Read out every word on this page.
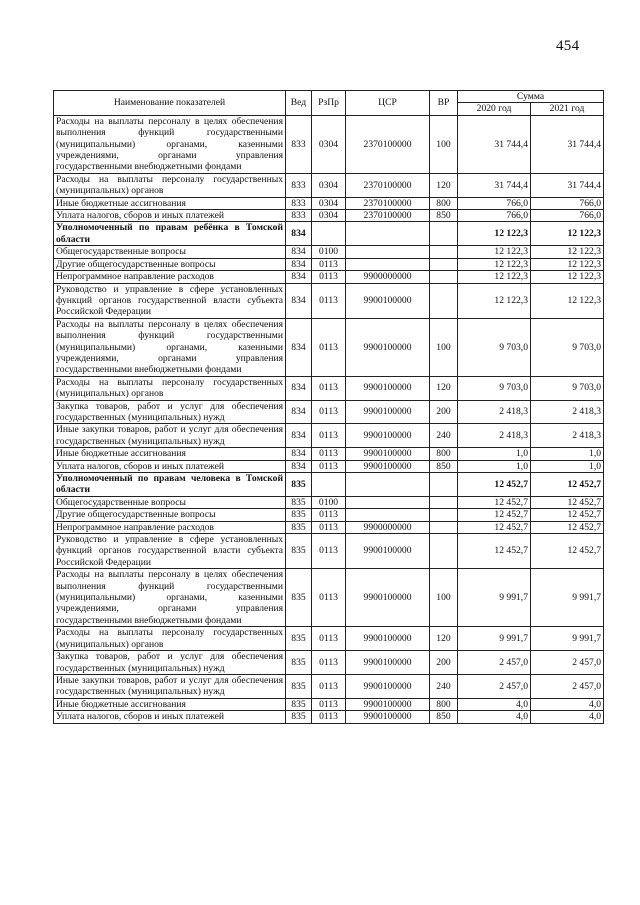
454
Наименование показателей	Вед	РзПр	ЦСР	ВР	Сумма	
					2020 год	2021 год
Расходы на выплаты персоналу в целях обеспечения выполнения функций государственными (муниципальными) органами, казенными учреждениями, органами управления государственными внебюджетными фондами	833	0304	2370100000	100	31 744,4	31 744,4
Расходы на выплаты персоналу государственных (муниципальных) органов	833	0304	2370100000	120	31 744,4	31 744,4
Иные бюджетные ассигнования	833	0304	2370100000	800	766,0	766,0
Уплата налогов, сборов и иных платежей	833	0304	2370100000	850	766,0	766,0
Уполномоченный по правам ребёнка в Томской области	834				12 122,3	12 122,3
Общегосударственные вопросы	834	0100			12 122,3	12 122,3
Другие общегосударственные вопросы	834	0113			12 122,3	12 122,3
Непрограммное направление расходов	834	0113	9900000000		12 122,3	12 122,3
Руководство и управление в сфере установленных функций органов государственной власти субъекта Российской Федерации	834	0113	9900100000		12 122,3	12 122,3
Расходы на выплаты персоналу в целях обеспечения выполнения функций государственными (муниципальными) органами, казенными учреждениями, органами управления государственными внебюджетными фондами	834	0113	9900100000	100	9 703,0	9 703,0
Расходы на выплаты персоналу государственных (муниципальных) органов	834	0113	9900100000	120	9 703,0	9 703,0
Закупка товаров, работ и услуг для обеспечения государственных (муниципальных) нужд	834	0113	9900100000	200	2 418,3	2 418,3
Иные закупки товаров, работ и услуг для обеспечения государственных (муниципальных) нужд	834	0113	9900100000	240	2 418,3	2 418,3
Иные бюджетные ассигнования	834	0113	9900100000	800	1,0	1,0
Уплата налогов, сборов и иных платежей	834	0113	9900100000	850	1,0	1,0
Уполномоченный по правам человека в Томской области	835				12 452,7	12 452,7
Общегосударственные вопросы	835	0100			12 452,7	12 452,7
Другие общегосударственные вопросы	835	0113			12 452,7	12 452,7
Непрограммное направление расходов	835	0113	9900000000		12 452,7	12 452,7
Руководство и управление в сфере установленных функций органов государственной власти субъекта Российской Федерации	835	0113	9900100000		12 452,7	12 452,7
Расходы на выплаты персоналу в целях обеспечения выполнения функций государственными (муниципальными) органами, казенными учреждениями, органами управления государственными внебюджетными фондами	835	0113	9900100000	100	9 991,7	9 991,7
Расходы на выплаты персоналу государственных (муниципальных) органов	835	0113	9900100000	120	9 991,7	9 991,7
Закупка товаров, работ и услуг для обеспечения государственных (муниципальных) нужд	835	0113	9900100000	200	2 457,0	2 457,0
Иные закупки товаров, работ и услуг для обеспечения государственных (муниципальных) нужд	835	0113	9900100000	240	2 457,0	2 457,0
Иные бюджетные ассигнования	835	0113	9900100000	800	4,0	4,0
Уплата налогов, сборов и иных платежей	835	0113	9900100000	850	4,0	4,0
